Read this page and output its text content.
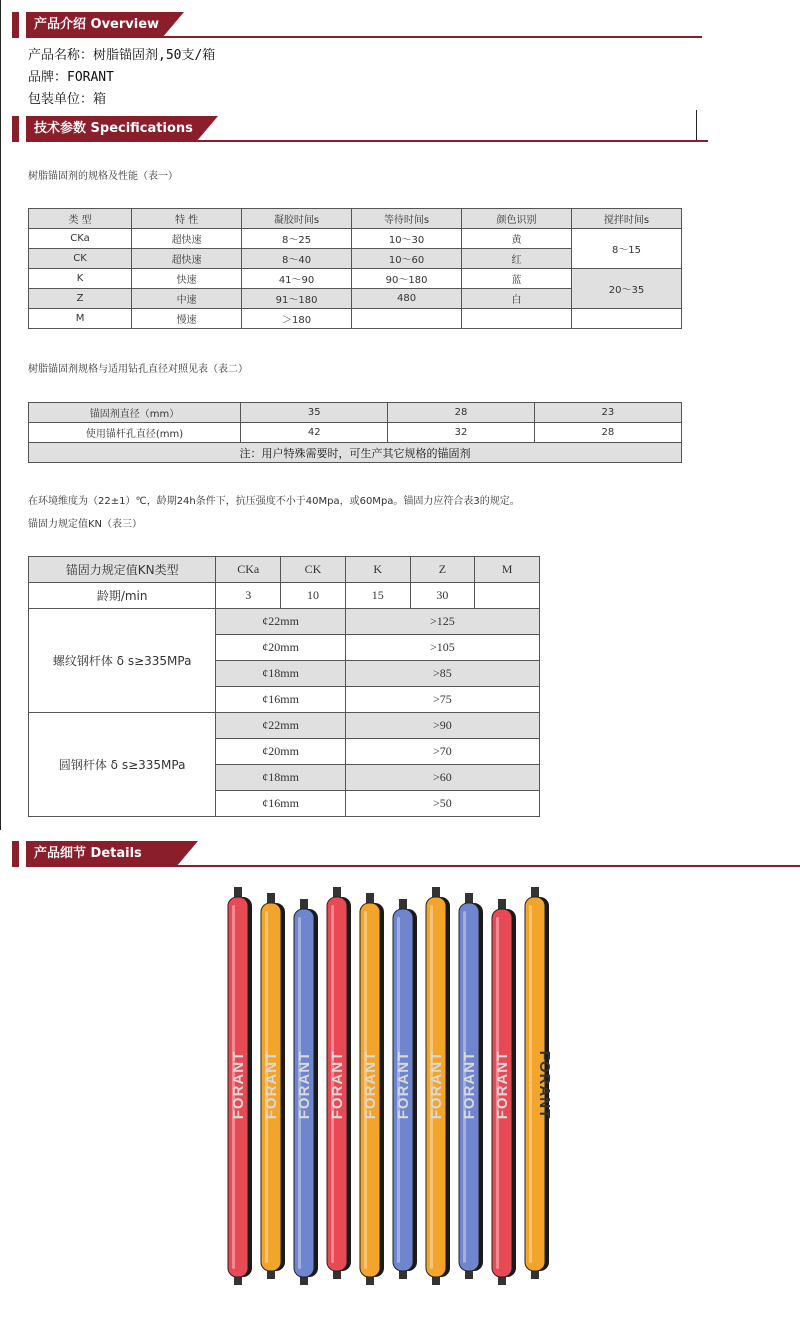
产品介绍 Overview
产品名称：树脂锚固剂,50支/箱
品牌：FORANT
包装单位：箱
技术参数 Specifications
树脂锚固剂的规格及性能（表一）
类 型	特 性	凝胶时间s	等待时间s	颜色识别	搅拌时间s
CKa	超快速	8～25	10～30	黄	8～15
CK	超快速	8～40	10～60	红	
K	快速	41～90	90～180	蓝	20～35
Z	中速	91～180	480	白	
M	慢速	＞180			
树脂锚固剂规格与适用钻孔直径对照见表（表二）
锚固剂直径（mm）	35	28	23
使用锚杆孔直径(mm)	42	32	28
注：用户特殊需要时，可生产其它规格的锚固剂			
在环境维度为（22±1）℃，龄期24h条件下，抗压强度不小于40Mpa，或60Mpa。锚固力应符合表3的规定。
锚固力规定值KN（表三）
锚固力规定值KN类型	CKa	CK	K	Z	M
龄期/min	3	10	15	30	
螺纹钢杆体 δ s≥335MPa	¢22mm		>125		
	¢20mm		>105		
	¢18mm		>85		
	¢16mm		>75		
圆钢杆体 δ s≥335MPa	¢22mm		>90		
	¢20mm		>70		
	¢18mm		>60		
	¢16mm		>50		
产品细节 Details
FORANT FORANT FORANT FORANT FORANT FORANT FORANT FORANT FORANT FORANT
